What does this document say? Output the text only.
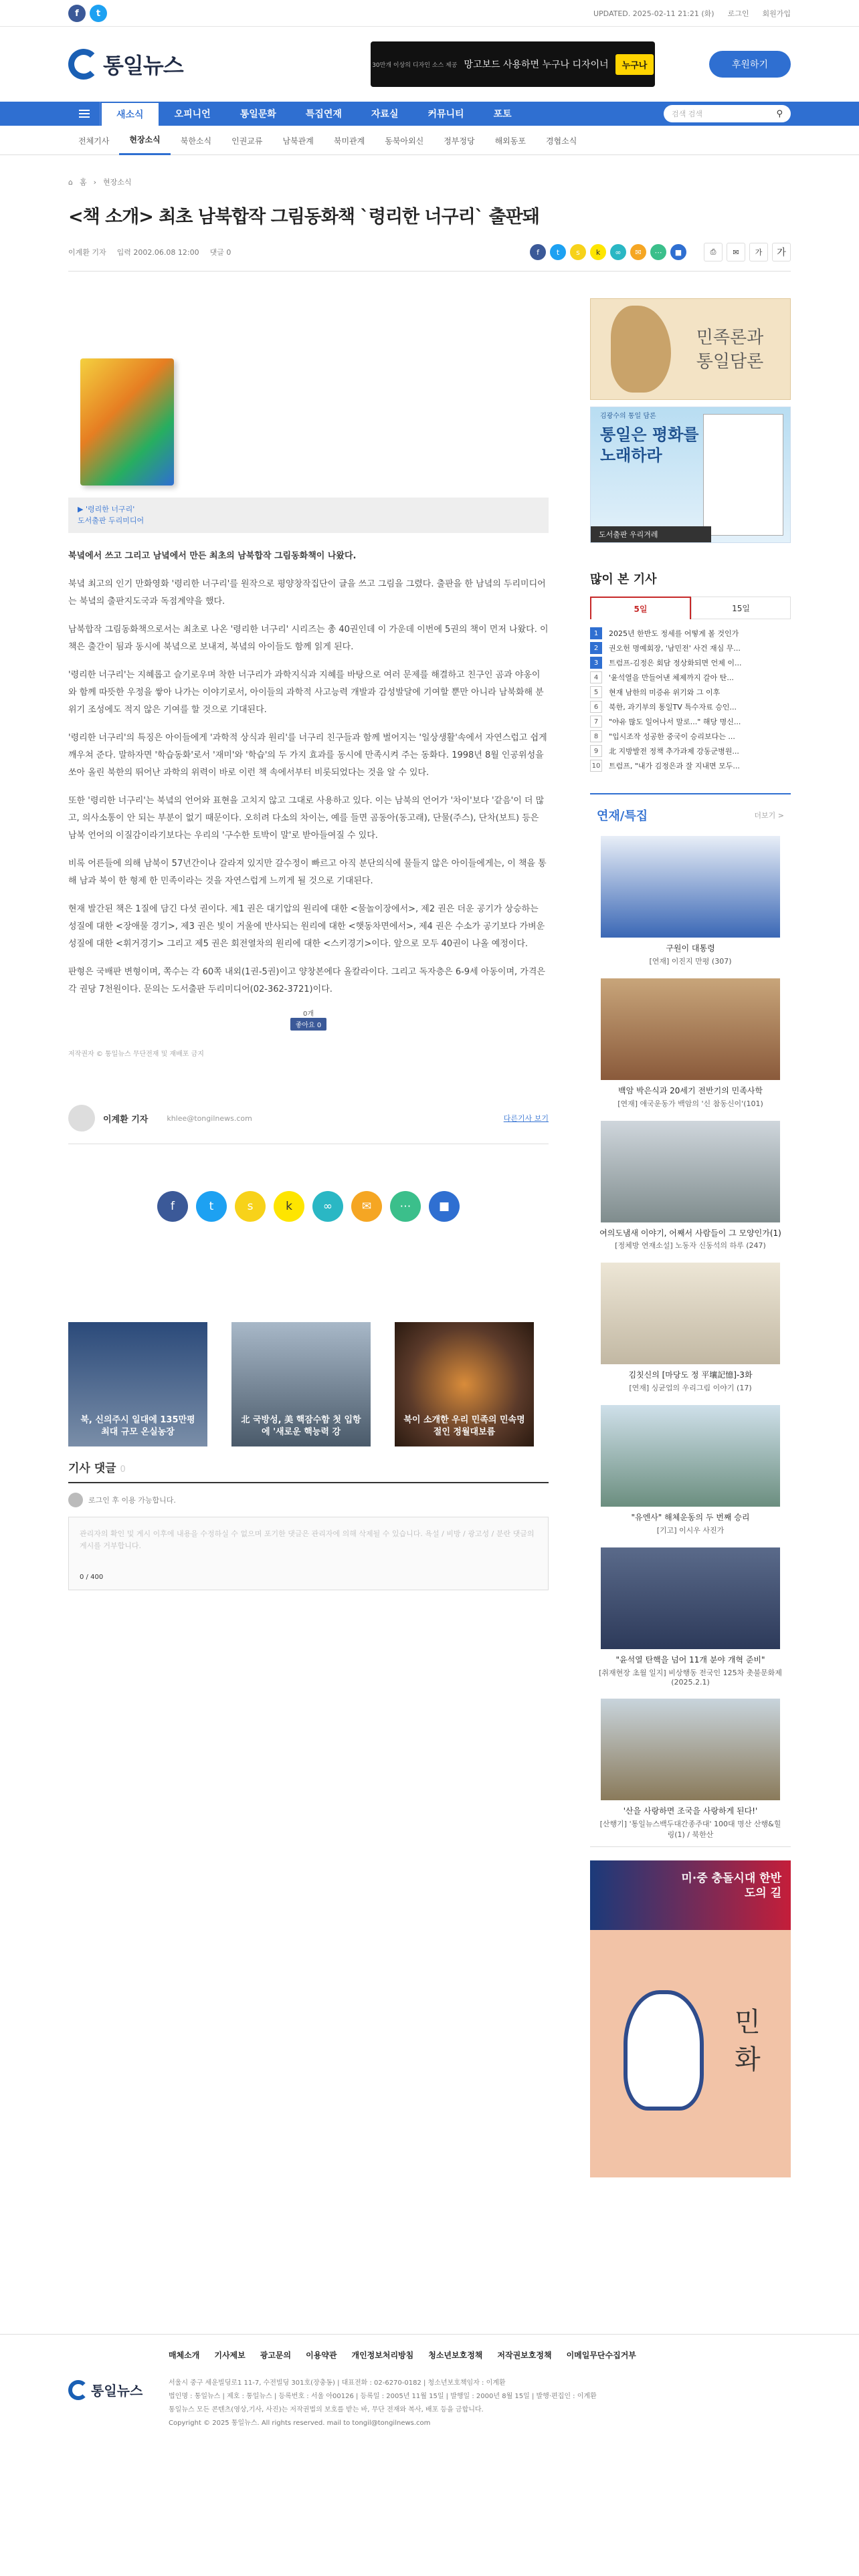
f	t	UPDATED. 2025-02-11 21:21 (화) 로그인 회원가입
통일뉴스	30만개 이상의 디자인 소스 제공 망고보드 사용하면 누구나 디자이너	누구나	후원하기
새소식	오피니언	통일문화	특집연재	자료실	커뮤니티	포토	검색 검색	⚲
전체기사	현장소식	북한소식	인권교류	남북관계	북미관계	동북아외신	정부정당	해외동포	경협소식
⌂ 홈 › 현장소식
<책 소개> 최초 남북합작 그림동화책 `령리한 너구리` 출판돼
이계환 기자 입력 2002.06.08 12:00 댓글 0	f	t	s	k	∞	✉	⋯	■	⎙	✉	가	가
▶ '령리한 너구리'
도서출판 두리미디어

북녘에서 쓰고 그리고 남녘에서 만든 최초의 남북합작 그림동화책이 나왔다.

북녘 최고의 인기 만화영화 '령리한 너구리'를 원작으로 평양창작집단이 글을 쓰고 그림을 그렸다. 출판을 한 남녘의 두리미디어는 북녘의 출판지도국과 독점계약을 했다.

남북합작 그림동화책으로서는 최초로 나온 '령리한 너구리' 시리즈는 총 40권인데 이 가운데 이번에 5권의 책이 먼저 나왔다. 이 책은 출간이 됨과 동시에 북녘으로 보내져, 북녘의 아이들도 함께 읽게 된다.

'령리한 너구리'는 지혜롭고 슬기로우며 착한 너구리가 과학지식과 지혜를 바탕으로 여러 문제를 해결하고 친구인 곰과 야옹이와 함께 따뜻한 우정을 쌓아 나가는 이야기로서, 아이들의 과학적 사고능력 개발과 감성발달에 기여할 뿐만 아니라 남북화해 분위기 조성에도 적지 않은 기여를 할 것으로 기대된다.

'령리한 너구리'의 특징은 아이들에게 '과학적 상식과 원리'를 너구리 친구들과 함께 벌어지는 '일상생활'속에서 자연스럽고 쉽게 깨우쳐 준다. 말하자면 '학습동화'로서 '재미'와 '학습'의 두 가지 효과를 동시에 만족시켜 주는 동화다. 1998년 8월 인공위성을 쏘아 올린 북한의 뛰어난 과학의 위력이 바로 이런 책 속에서부터 비롯되었다는 것을 알 수 있다.

또한 '령리한 너구리'는 북녘의 언어와 표현을 고치지 않고 그대로 사용하고 있다. 이는 남북의 언어가 '차이'보다 '같음'이 더 많고, 의사소통이 안 되는 부분이 없기 때문이다. 오히려 다소의 차이는, 예를 들면 곰동아(동고래), 단물(주스), 단차(보트) 등은 남북 언어의 이질감이라기보다는 우리의 '구수한 토박이 말'로 받아들여질 수 있다.

비록 어른들에 의해 남북이 57년간이나 갈라져 있지만 갈수정이 빠르고 아직 분단의식에 물들지 않은 아이들에게는, 이 책을 통해 남과 북이 한 형제 한 민족이라는 것을 자연스럽게 느끼게 될 것으로 기대된다.

현재 발간된 책은 1질에 담긴 다섯 권이다. 제1 권은 대기압의 원리에 대한 <물놀이장에서>, 제2 권은 더운 공기가 상승하는 성질에 대한 <장애물 경기>, 제3 권은 빛이 거울에 반사되는 원리에 대한 <햇동차면에서>, 제4 권은 수소가 공기보다 가벼운 성질에 대한 <휘거경기> 그리고 제5 권은 회전열차의 원리에 대한 <스키경기>이다. 앞으로 모두 40권이 나올 예정이다.

판형은 국배판 변형이며, 쪽수는 각 60쪽 내외(1권-5권)이고 양창본에다 올칼라이다. 그리고 독자층은 6-9세 아동이며, 가격은 각 권당 7천원이다. 문의는 도서출판 두리미디어(02-362-3721)이다.

0개
좋아요 0
저작권자 © 통일뉴스 무단전재 및 재배포 금지
이계환 기자	khlee@tongilnews.com	다른기사 보기
f	t	s	k	∞	✉	⋯	■
북, 신의주시 일대에 135만평 최대 규모 온실농장
北 국방성, 美 핵잠수함 첫 입항에 '새로운 핵능력 강
북이 소개한 우리 민족의 민속명절인 정월대보름
기사 댓글 0
로그인 후 이용 가능합니다.
관리자의 확인 및 게시 이후에 내용을 수정하실 수 없으며 포기한 댓글은 관리자에 의해 삭제될 수 있습니다. 욕설 / 비방 / 광고성 / 분란 댓글의 게시를 거부합니다.
0 / 400
민족론과 통일담론
김광수의 통일 담론
통일은 평화를 노래하라
도서출판 우리겨레
많이 본 기사
5일	15일
1	2025년 한반도 정세를 어떻게 볼 것인가
2	권오헌 명예회장, '남민전' 사건 재심 무...
3	트럼프-김정은 회담 정상화되면 언제 이...
4	'윤석열을 만들어낸 체제까지 갈아 탄...
5	현재 남한의 미증유 위기와 그 이후
6	북한, 과기부의 통일TV 특수자료 승인...
7	"야유 많도 일어나서 말로..." 해당 명신...
8	"입시조작 성공한 중국이 승리보다는 ...
9	北 지방발전 정책 추가과제 강동군병원...
10 트럼프, "내가 김정은과 잘 지내면 모두...
연재/특집	더보기 >
구원이 대통령
[연재] 이진지 만평 (307)
백암 박은식과 20세기 전반기의 민족사학
[연재] 애국운동가 백암의 '신 참동신이'(101)
여의도냄새 이야기, 어째서 사람들이 그 모양인가(1)
[정체방 연재소설] 노동자 신동석의 하루 (247)
김칫신의 [마당도 정 平壤記憶]-3화
[연재] 싱균업의 우리그림 이야기 (17)
"유엔사" 해체운동의 두 번째 승리
[기고] 이시우 사진가
"윤석열 탄핵을 넘어 11개 분야 개혁 준비"
[취재현장 초월 일지] 비상행동 전국인 125차 촛불문화제(2025.2.1)
'산을 사랑하면 조국을 사랑하게 된다!'
[산행기] '통일뉴스백두대간종주대' 100대 명산 산행&힐링(1) / 북한산
미·중 충돌시대 한반도의 길
민 화
통일뉴스
매체소개 기사제보 광고문의 이용약관 개인정보처리방침 청소년보호정책 저작권보호정책 이메일무단수집거부
서울시 중구 세운빌딩로1 11-7, 수전빌딩 301호(장충동) | 대표전화 : 02-6270-0182 | 청소년보호책임자 : 이계환
법인명 : 통일뉴스 | 제호 : 통일뉴스 | 등록번호 : 서울 아00126 | 등록일 : 2005년 11월 15일 | 발행일 : 2000년 8월 15일 | 발행·편집인 : 이계환
통일뉴스 모든 콘텐츠(영상,기사, 사진)는 저작권법의 보호를 받는 바, 무단 전재와 복사, 배포 등을 금합니다.
Copyright © 2025 통일뉴스. All rights reserved. mail to tongil@tongilnews.com
